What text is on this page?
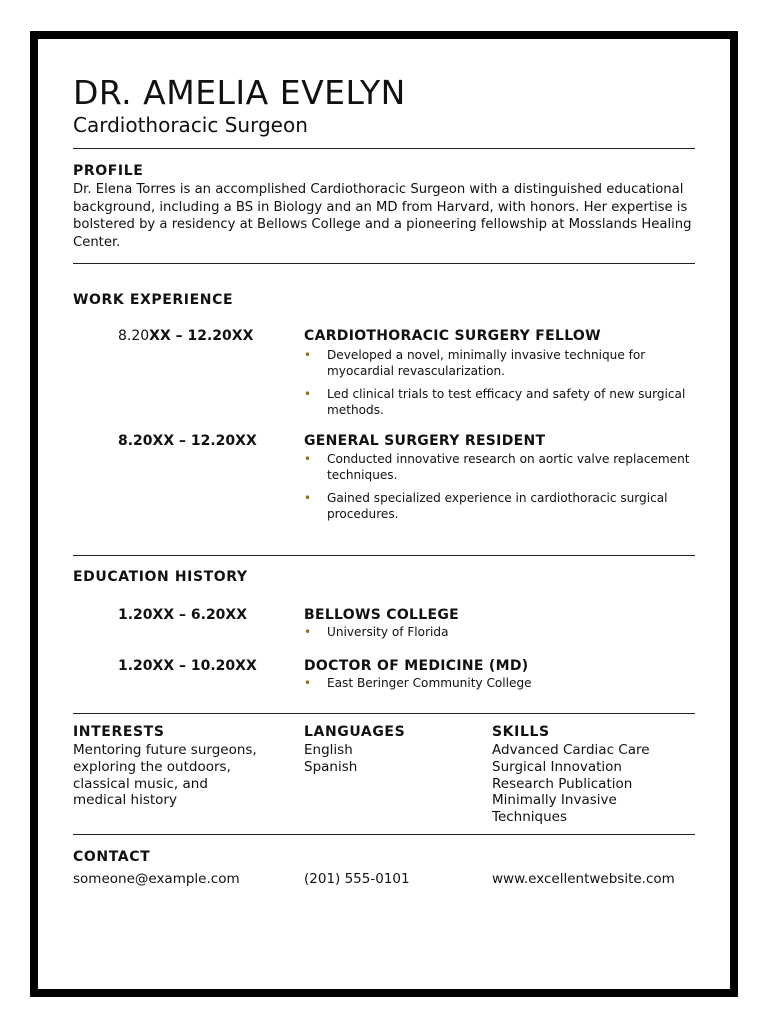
DR. AMELIA EVELYN
Cardiothoracic Surgeon
PROFILE
Dr. Elena Torres is an accomplished Cardiothoracic Surgeon with a distinguished educational background, including a BS in Biology and an MD from Harvard, with honors. Her expertise is bolstered by a residency at Bellows College and a pioneering fellowship at Mosslands Healing Center.
WORK EXPERIENCE
8.20XX – 12.20XX	CARDIOTHORACIC SURGERY FELLOW
• Developed a novel, minimally invasive technique for myocardial revascularization.
• Led clinical trials to test efficacy and safety of new surgical methods.
8.20XX – 12.20XX	GENERAL SURGERY RESIDENT
• Conducted innovative research on aortic valve replacement techniques.
• Gained specialized experience in cardiothoracic surgical procedures.
EDUCATION HISTORY
1.20XX – 6.20XX	BELLOWS COLLEGE
• University of Florida
1.20XX – 10.20XX	DOCTOR OF MEDICINE (MD)
• East Beringer Community College
INTERESTS
Mentoring future surgeons,
exploring the outdoors,
classical music, and
medical history
LANGUAGES
English
Spanish
SKILLS
Advanced Cardiac Care
Surgical Innovation
Research Publication
Minimally Invasive
Techniques
CONTACT
someone@example.com	(201) 555-0101	www.excellentwebsite.com
